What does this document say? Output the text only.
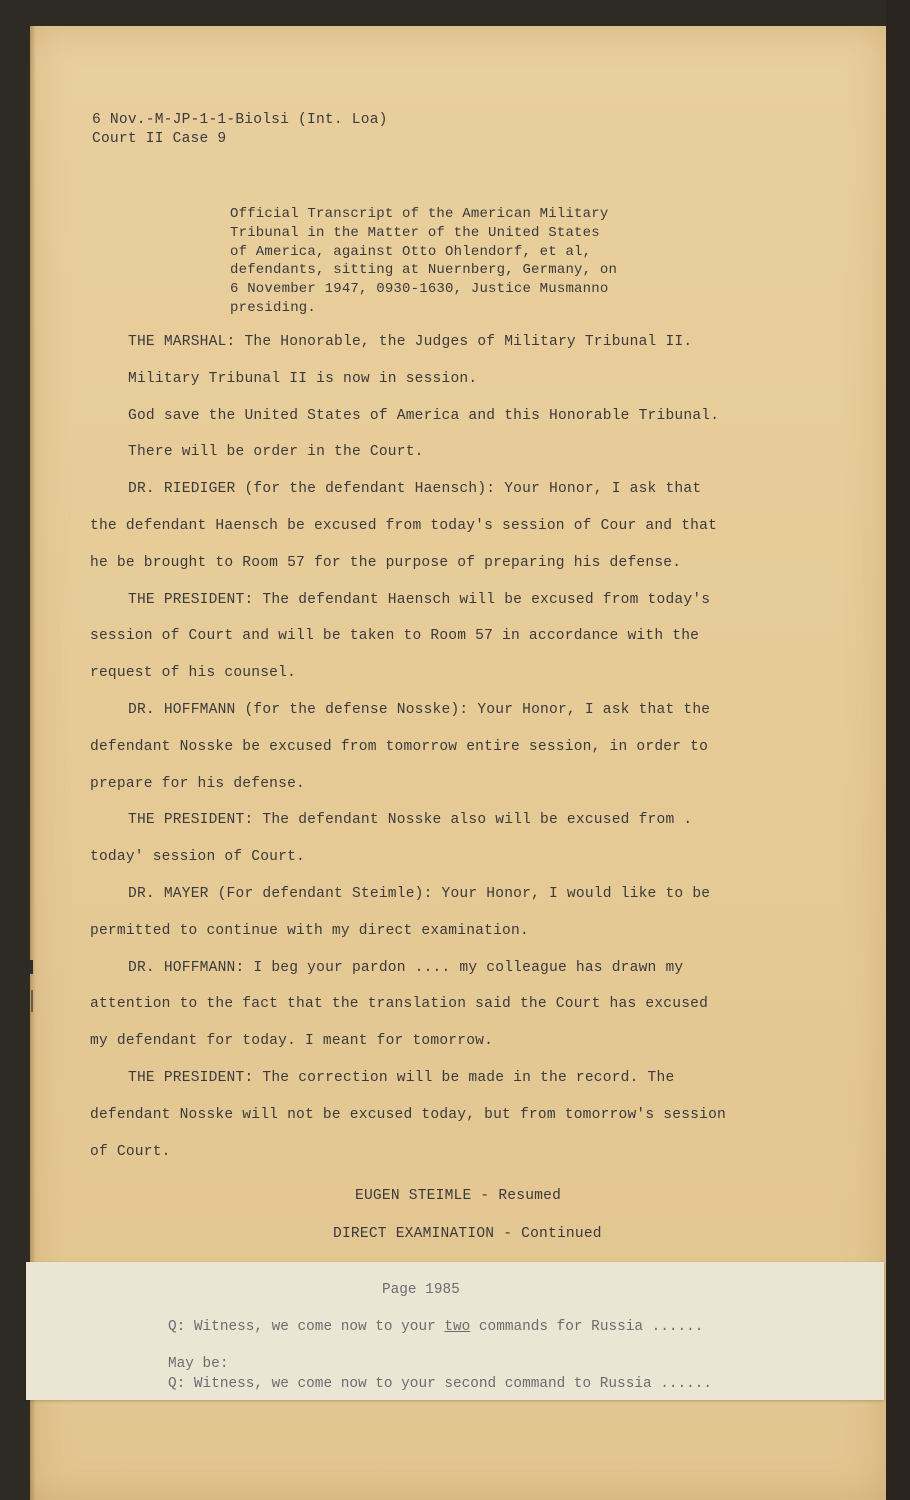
6 Nov.-M-JP-1-1-Biolsi (Int. Loa)

Court II Case 9

Official Transcript of the American Military
Tribunal in the Matter of the United States
of America, against Otto Ohlendorf, et al,
defendants, sitting at Nuernberg, Germany, on
6 November 1947, 0930-1630, Justice Musmanno
presiding.
THE MARSHAL: The Honorable, the Judges of Military Tribunal II.
Military Tribunal II is now in session.
God save the United States of America and this Honorable Tribunal.
There will be order in the Court.
DR. RIEDIGER (for the defendant Haensch): Your Honor, I ask that
the defendant Haensch be excused from today's session of Cour and that
he be brought to Room 57 for the purpose of preparing his defense.
THE PRESIDENT: The defendant Haensch will be excused from today's
session of Court and will be taken to Room 57 in accordance with the
request of his counsel.
DR. HOFFMANN (for the defense Nosske): Your Honor, I ask that the
defendant Nosske be excused from tomorrow entire session, in order to
prepare for his defense.
THE PRESIDENT: The defendant Nosske also will be excused from .
today' session of Court.
DR. MAYER (For defendant Steimle): Your Honor, I would like to be
permitted to continue with my direct examination.
DR. HOFFMANN: I beg your pardon .... my colleague has drawn my
attention to the fact that the translation said the Court has excused
my defendant for today. I meant for tomorrow.
THE PRESIDENT: The correction will be made in the record. The
defendant Nosske will not be excused today, but from tomorrow's session
of Court.

EUGEN STEIMLE - Resumed

DIRECT EXAMINATION - Continued

Page 1985

Q: Witness, we come now to your two commands for Russia ......

May be:

Q: Witness, we come now to your second command to Russia ......
